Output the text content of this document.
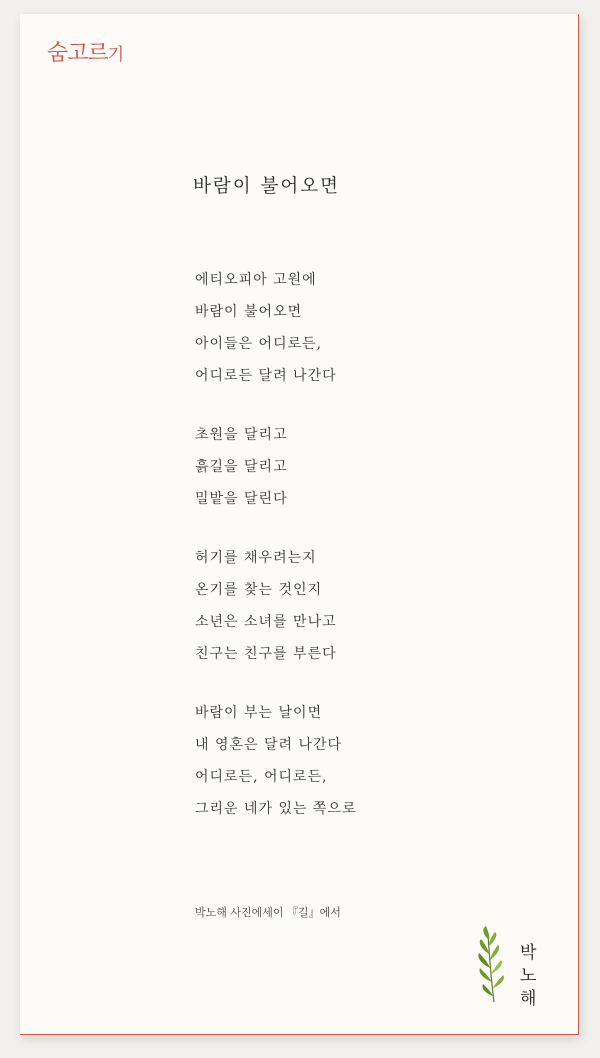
숨고르기
바람이 불어오면
에티오피아 고원에
바람이 불어오면
아이들은 어디로든,
어디로든 달려 나간다
초원을 달리고
흙길을 달리고
밀밭을 달린다
허기를 채우려는지
온기를 찾는 것인지
소년은 소녀를 만나고
친구는 친구를 부른다
바람이 부는 날이면
내 영혼은 달려 나간다
어디로든, 어디로든,
그리운 네가 있는 쪽으로
박노해 사진에세이 『길』에서
박
노
해
